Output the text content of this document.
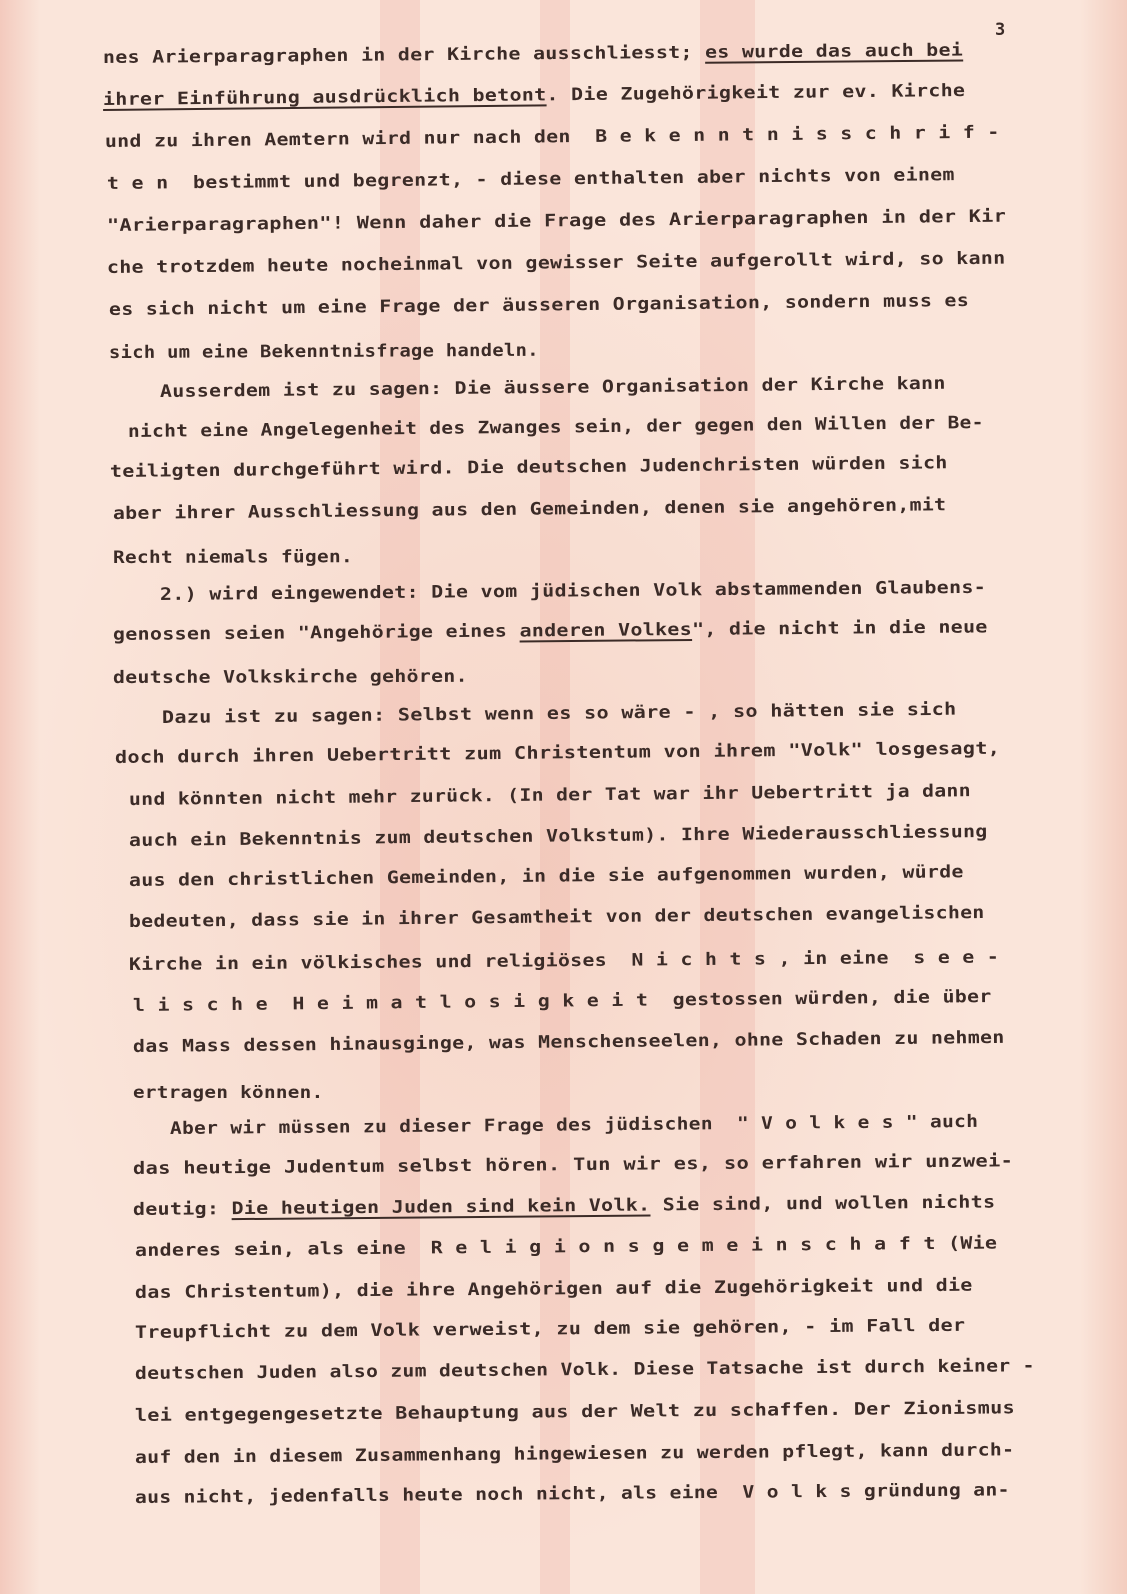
3
nes Arierparagraphen in der Kirche ausschliesst; es wurde das auch bei
ihrer Einführung ausdrücklich betont. Die Zugehörigkeit zur ev. Kirche
und zu ihren Aemtern wird nur nach den  B e k e n n t n i s s c h r i f -
t e n  bestimmt und begrenzt, - diese enthalten aber nichts von einem
"Arierparagraphen"! Wenn daher die Frage des Arierparagraphen in der Kir
che trotzdem heute nocheinmal von gewisser Seite aufgerollt wird, so kann
es sich nicht um eine Frage der äusseren Organisation, sondern muss es
sich um eine Bekenntnisfrage handeln.
Ausserdem ist zu sagen: Die äussere Organisation der Kirche kann
nicht eine Angelegenheit des Zwanges sein, der gegen den Willen der Be-
teiligten durchgeführt wird. Die deutschen Judenchristen würden sich
aber ihrer Ausschliessung aus den Gemeinden, denen sie angehören,mit
Recht niemals fügen.
2.) wird eingewendet: Die vom jüdischen Volk abstammenden Glaubens-
genossen seien "Angehörige eines anderen Volkes", die nicht in die neue
deutsche Volkskirche gehören.
Dazu ist zu sagen: Selbst wenn es so wäre - , so hätten sie sich
doch durch ihren Uebertritt zum Christentum von ihrem "Volk" losgesagt,
und könnten nicht mehr zurück. (In der Tat war ihr Uebertritt ja dann
auch ein Bekenntnis zum deutschen Volkstum). Ihre Wiederausschliessung
aus den christlichen Gemeinden, in die sie aufgenommen wurden, würde
bedeuten, dass sie in ihrer Gesamtheit von der deutschen evangelischen
Kirche in ein völkisches und religiöses  N i c h t s , in eine  s e e -
l i s c h e  H e i m a t l o s i g k e i t  gestossen würden, die über
das Mass dessen hinausginge, was Menschenseelen, ohne Schaden zu nehmen
ertragen können.
Aber wir müssen zu dieser Frage des jüdischen  " V o l k e s " auch
das heutige Judentum selbst hören. Tun wir es, so erfahren wir unzwei-
deutig: Die heutigen Juden sind kein Volk. Sie sind, und wollen nichts
anderes sein, als eine  R e l i g i o n s g e m e i n s c h a f t (Wie
das Christentum), die ihre Angehörigen auf die Zugehörigkeit und die
Treupflicht zu dem Volk verweist, zu dem sie gehören, - im Fall der
deutschen Juden also zum deutschen Volk. Diese Tatsache ist durch keiner -
lei entgegengesetzte Behauptung aus der Welt zu schaffen. Der Zionismus
auf den in diesem Zusammenhang hingewiesen zu werden pflegt, kann durch-
aus nicht, jedenfalls heute noch nicht, als eine  V o l k s gründung an-
